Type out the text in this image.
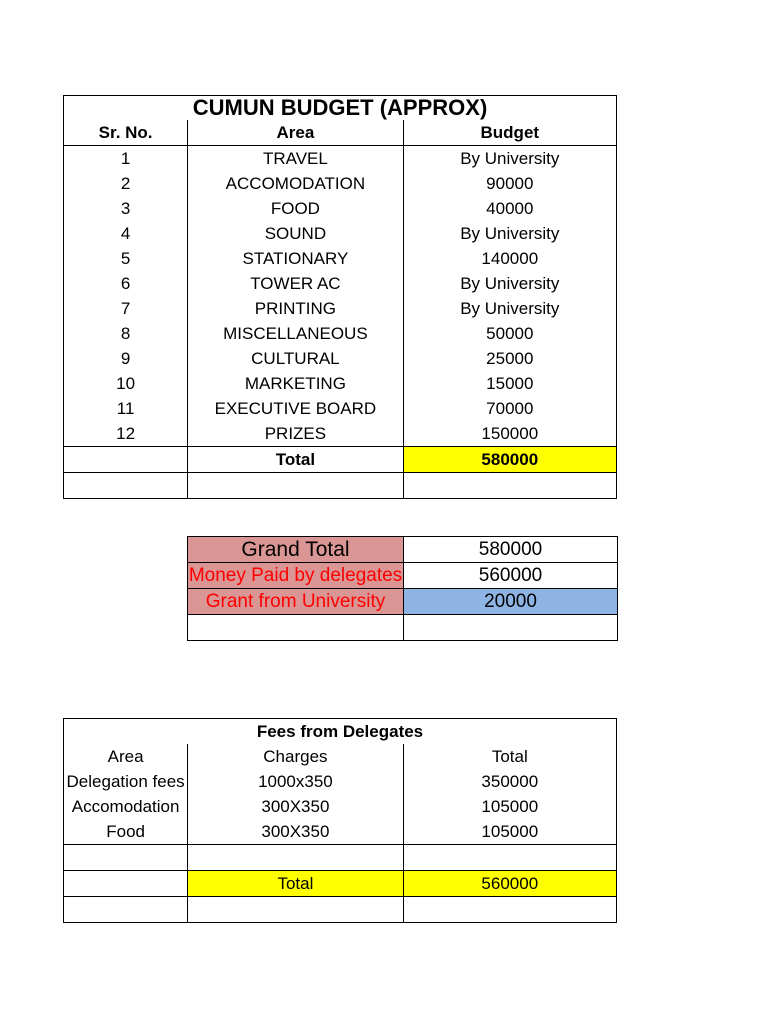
CUMUN BUDGET (APPROX)		
Sr. No.	Area	Budget
1	TRAVEL	By University
2	ACCOMODATION	90000
3	FOOD	40000
4	SOUND	By University
5	STATIONARY	140000
6	TOWER AC	By University
7	PRINTING	By University
8	MISCELLANEOUS	50000
9	CULTURAL	25000
10	MARKETING	15000
11	EXECUTIVE BOARD	70000
12	PRIZES	150000
	Total	580000

Grand Total	580000
Money Paid by delegates	560000
Grant from University	20000

Fees from Delegates		
Area	Charges	Total
Delegation fees	1000x350	350000
Accomodation	300X350	105000
Food	300X350	105000

	Total	560000
